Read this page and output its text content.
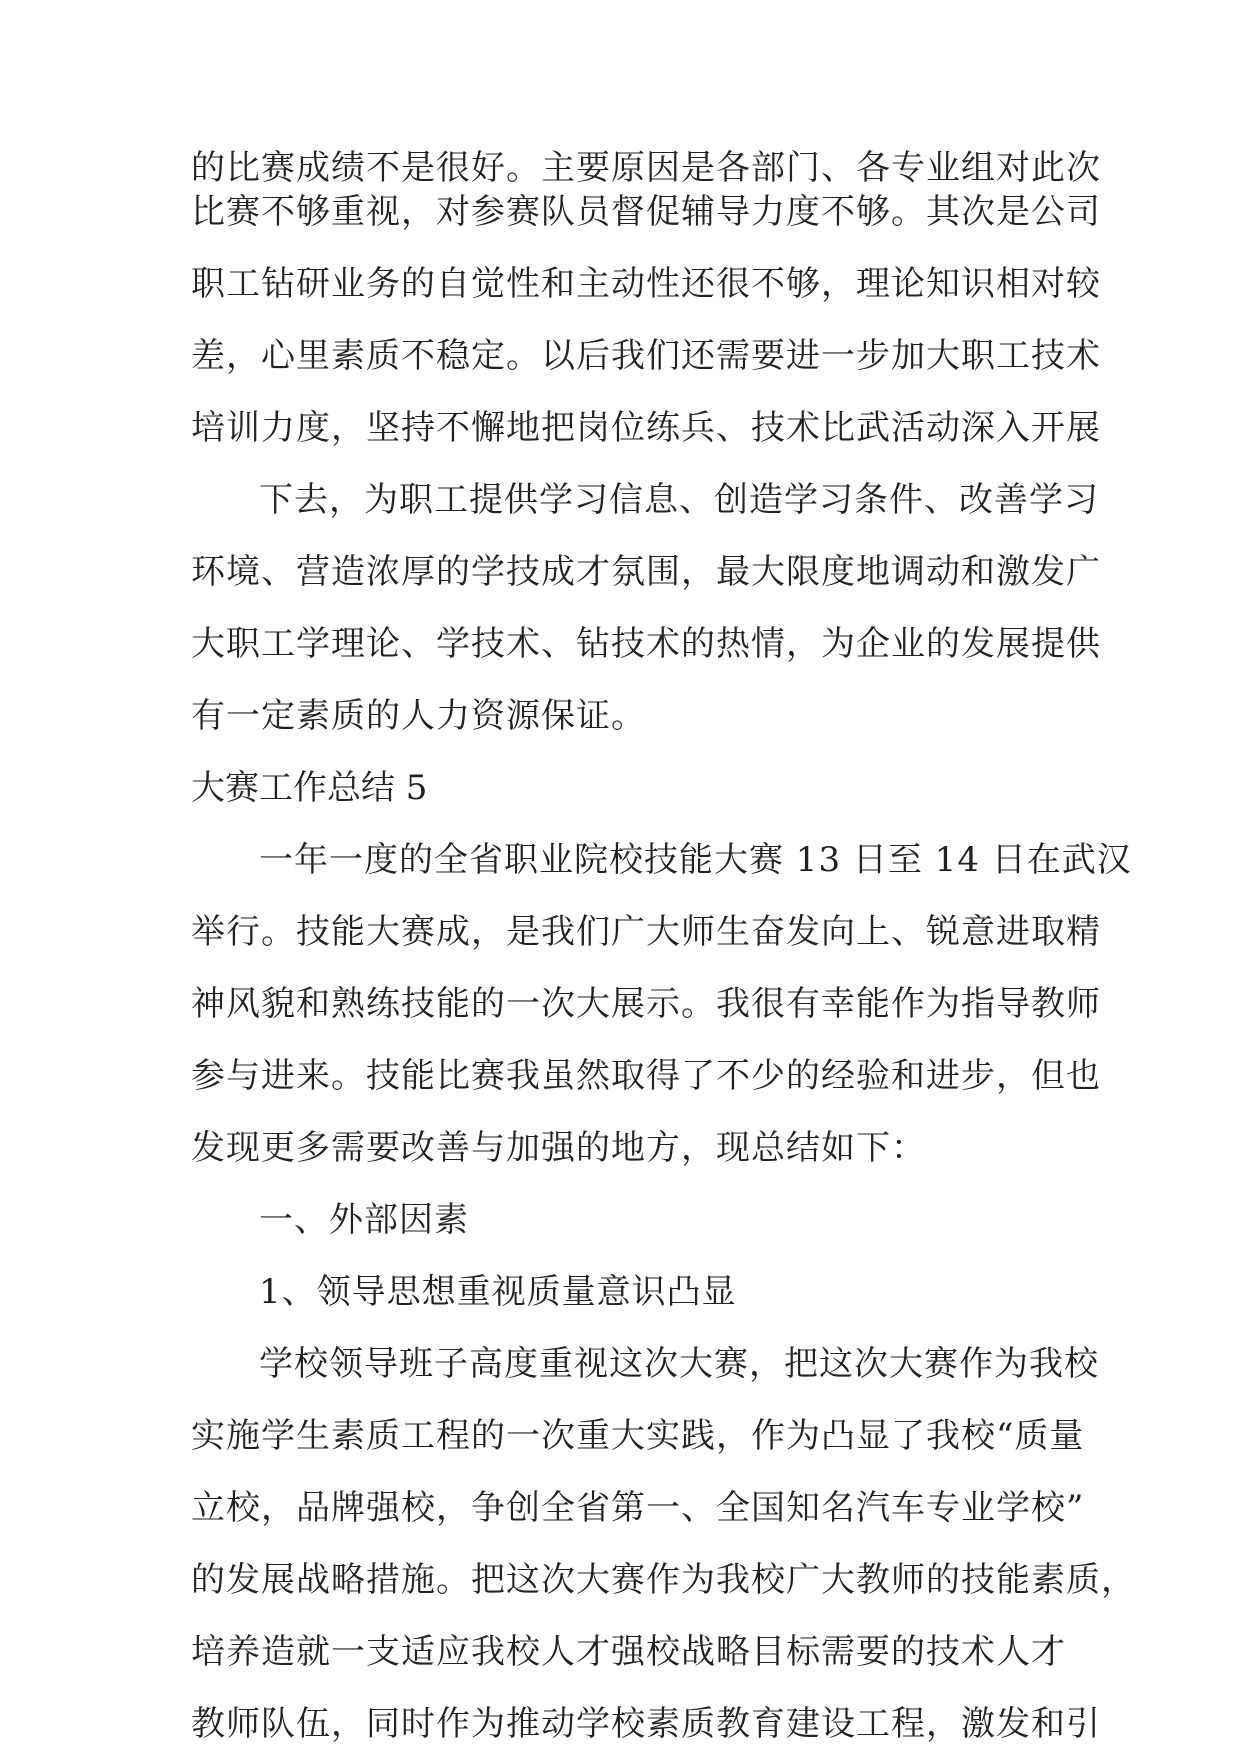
的比赛成绩不是很好。主要原因是各部门、各专业组对此次
比赛不够重视，对参赛队员督促辅导力度不够。其次是公司
职工钻研业务的自觉性和主动性还很不够，理论知识相对较
差，心里素质不稳定。以后我们还需要进一步加大职工技术
培训力度，坚持不懈地把岗位练兵、技术比武活动深入开展
下去，为职工提供学习信息、创造学习条件、改善学习
环境、营造浓厚的学技成才氛围，最大限度地调动和激发广
大职工学理论、学技术、钻技术的热情，为企业的发展提供
有一定素质的人力资源保证。
大赛工作总结 5
一年一度的全省职业院校技能大赛 13 日至 14 日在武汉
举行。技能大赛成，是我们广大师生奋发向上、锐意进取精
神风貌和熟练技能的一次大展示。我很有幸能作为指导教师
参与进来。技能比赛我虽然取得了不少的经验和进步，但也
发现更多需要改善与加强的地方，现总结如下：
一、外部因素
1、领导思想重视质量意识凸显
学校领导班子高度重视这次大赛，把这次大赛作为我校
实施学生素质工程的一次重大实践，作为凸显了我校“质量
立校，品牌强校，争创全省第一、全国知名汽车专业学校”
的发展战略措施。把这次大赛作为我校广大教师的技能素质，
培养造就一支适应我校人才强校战略目标需要的技术人才
教师队伍，同时作为推动学校素质教育建设工程，激发和引
